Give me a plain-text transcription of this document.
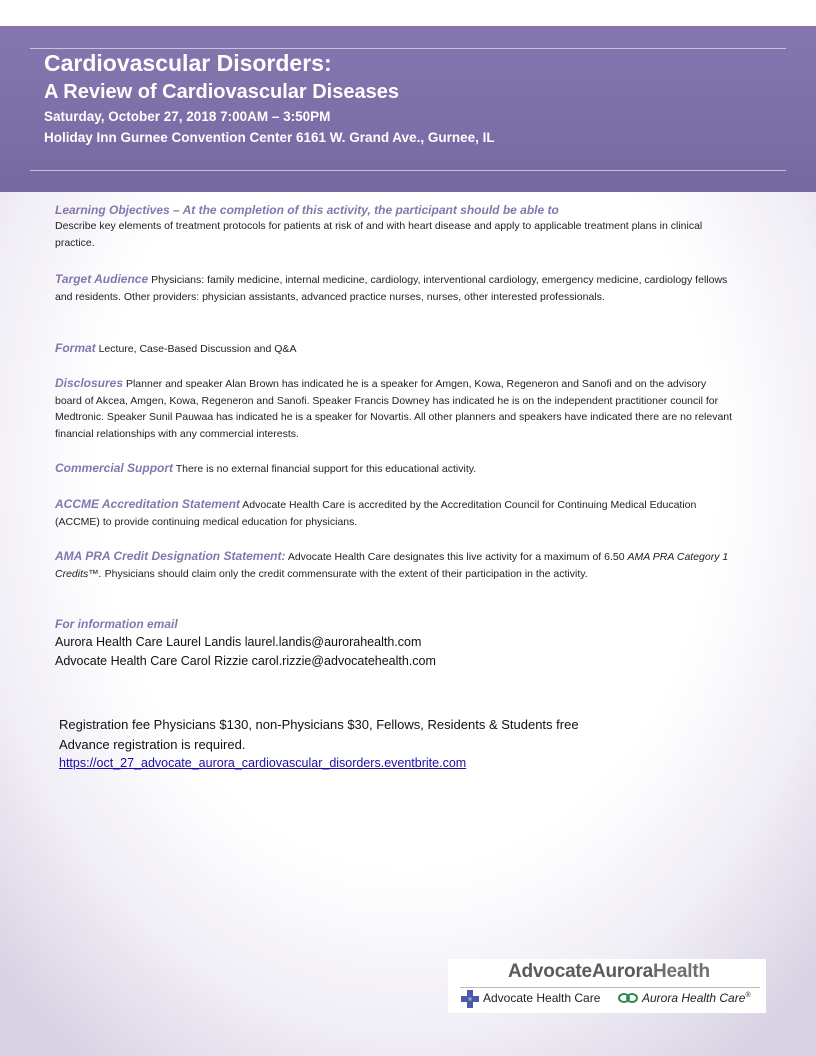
Cardiovascular Disorders:
A Review of Cardiovascular Diseases
Saturday, October 27, 2018 7:00AM – 3:50PM
Holiday Inn Gurnee Convention Center 6161 W. Grand Ave., Gurnee, IL
Learning Objectives – At the completion of this activity, the participant should be able to
Describe key elements of treatment protocols for patients at risk of and with heart disease and apply to applicable treatment plans in clinical practice.
Target Audience Physicians: family medicine, internal medicine, cardiology, interventional cardiology, emergency medicine, cardiology fellows and residents. Other providers: physician assistants, advanced practice nurses, nurses, other interested professionals.
Format Lecture, Case-Based Discussion and Q&A
Disclosures Planner and speaker Alan Brown has indicated he is a speaker for Amgen, Kowa, Regeneron and Sanofi and on the advisory board of Akcea, Amgen, Kowa, Regeneron and Sanofi. Speaker Francis Downey has indicated he is on the independent practitioner council for Medtronic. Speaker Sunil Pauwaa has indicated he is a speaker for Novartis. All other planners and speakers have indicated there are no relevant financial relationships with any commercial interests.
Commercial Support There is no external financial support for this educational activity.
ACCME Accreditation Statement Advocate Health Care is accredited by the Accreditation Council for Continuing Medical Education (ACCME) to provide continuing medical education for physicians.
AMA PRA Credit Designation Statement: Advocate Health Care designates this live activity for a maximum of 6.50 AMA PRA Category 1 Credits™. Physicians should claim only the credit commensurate with the extent of their participation in the activity.
For information email
Aurora Health Care Laurel Landis laurel.landis@aurorahealth.com
Advocate Health Care Carol Rizzie carol.rizzie@advocatehealth.com
Registration fee Physicians $130, non-Physicians $30, Fellows, Residents & Students free
Advance registration is required.
https://oct_27_advocate_aurora_cardiovascular_disorders.eventbrite.com
AdvocateAuroraHealth
Advocate Health Care	Aurora Health Care®
